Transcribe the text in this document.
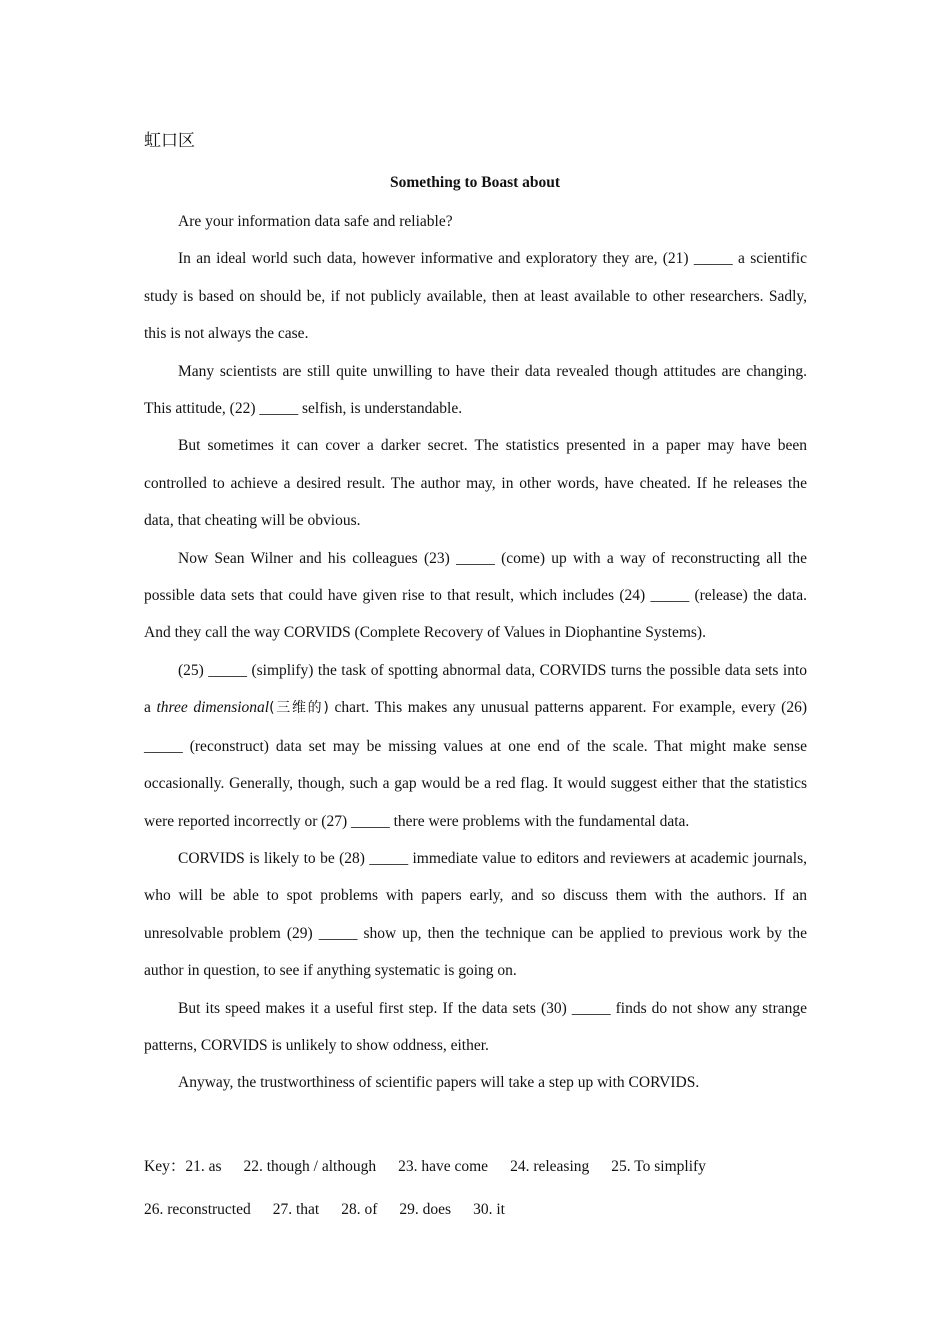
虹口区
Something to Boast about

Are your information data safe and reliable?

In an ideal world such data, however informative and exploratory they are, (21) _____ a scientific study is based on should be, if not publicly available, then at least available to other researchers. Sadly, this is not always the case.

Many scientists are still quite unwilling to have their data revealed though attitudes are changing. This attitude, (22) _____ selfish, is understandable.

But sometimes it can cover a darker secret. The statistics presented in a paper may have been controlled to achieve a desired result. The author may, in other words, have cheated. If he releases the data, that cheating will be obvious.

Now Sean Wilner and his colleagues (23) _____ (come) up with a way of reconstructing all the possible data sets that could have given rise to that result, which includes (24) _____ (release) the data. And they call the way CORVIDS (Complete Recovery of Values in Diophantine Systems).

(25) _____ (simplify) the task of spotting abnormal data, CORVIDS turns the possible data sets into a three dimensional(三维的) chart. This makes any unusual patterns apparent. For example, every (26) _____ (reconstruct) data set may be missing values at one end of the scale. That might make sense occasionally. Generally, though, such a gap would be a red flag. It would suggest either that the statistics were reported incorrectly or (27) _____ there were problems with the fundamental data.

CORVIDS is likely to be (28) _____ immediate value to editors and reviewers at academic journals, who will be able to spot problems with papers early, and so discuss them with the authors. If an unresolvable problem (29) _____ show up, then the technique can be applied to previous work by the author in question, to see if anything systematic is going on.

But its speed makes it a useful first step. If the data sets (30) _____ finds do not show any strange patterns, CORVIDS is unlikely to show oddness, either.

Anyway, the trustworthiness of scientific papers will take a step up with CORVIDS.

Key：21. as 22. though / although 23. have come 24. releasing 25. To simplify
26. reconstructed 27. that 28. of 29. does 30. it
